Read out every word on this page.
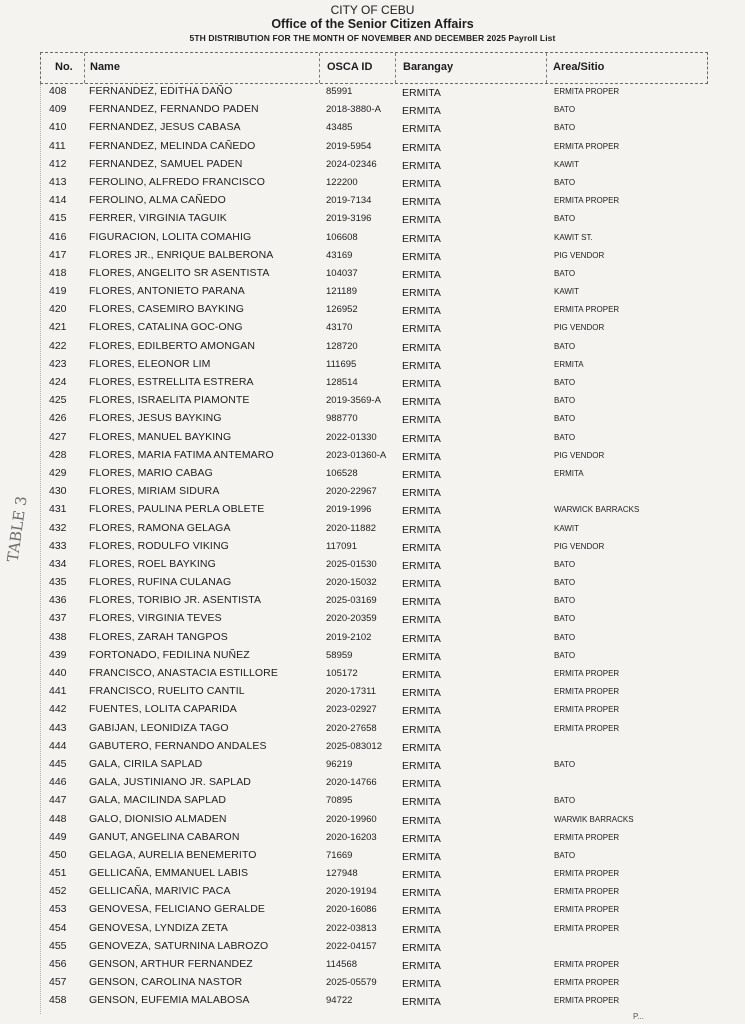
CITY OF CEBU
Office of the Senior Citizen Affairs
5TH DISTRIBUTION FOR THE MONTH OF NOVEMBER AND DECEMBER 2025 Payroll List
No. Name	OSCA ID	Barangay	Area/Sitio
408 FERNANDEZ, EDITHA DAÑO	85991	ERMITA	ERMITA PROPER
409 FERNANDEZ, FERNANDO PADEN	2018-3880-A ERMITA	BATO
410 FERNANDEZ, JESUS CABASA	43485	ERMITA	BATO
411 FERNANDEZ, MELINDA CAÑEDO	2019-5954	ERMITA	ERMITA PROPER
412 FERNANDEZ, SAMUEL PADEN	2024-02346 ERMITA	KAWIT
413 FEROLINO, ALFREDO FRANCISCO	122200	ERMITA	BATO
414 FEROLINO, ALMA CAÑEDO	2019-7134	ERMITA	ERMITA PROPER
415 FERRER, VIRGINIA TAGUIK	2019-3196	ERMITA	BATO
416 FIGURACION, LOLITA COMAHIG	106608	ERMITA	KAWIT ST.
417 FLORES JR., ENRIQUE BALBERONA	43169	ERMITA	PIG VENDOR
418 FLORES, ANGELITO SR ASENTISTA	104037	ERMITA	BATO
419 FLORES, ANTONIETO PARANA	121189	ERMITA	KAWIT
420 FLORES, CASEMIRO BAYKING	126952	ERMITA	ERMITA PROPER
421 FLORES, CATALINA GOC-ONG	43170	ERMITA	PIG VENDOR
422 FLORES, EDILBERTO AMONGAN	128720	ERMITA	BATO
423 FLORES, ELEONOR LIM	111695	ERMITA	ERMITA
424 FLORES, ESTRELLITA ESTRERA	128514	ERMITA	BATO
425 FLORES, ISRAELITA PIAMONTE	2019-3569-A ERMITA	BATO
426 FLORES, JESUS BAYKING	988770	ERMITA	BATO
427 FLORES, MANUEL BAYKING	2022-01330 ERMITA	BATO
428 FLORES, MARIA FATIMA ANTEMARO	2023-01360-A ERMITA	PIG VENDOR
429 FLORES, MARIO CABAG	106528	ERMITA	ERMITA
430 FLORES, MIRIAM SIDURA	2020-22967 ERMITA
431 FLORES, PAULINA PERLA OBLETE	2019-1996	ERMITA	WARWICK BARRACKS
432 FLORES, RAMONA GELAGA	2020-11882 ERMITA	KAWIT
433 FLORES, RODULFO VIKING	117091	ERMITA	PIG VENDOR
434 FLORES, ROEL BAYKING	2025-01530 ERMITA	BATO
435 FLORES, RUFINA CULANAG	2020-15032 ERMITA	BATO
436 FLORES, TORIBIO JR. ASENTISTA	2025-03169 ERMITA	BATO
437 FLORES, VIRGINIA TEVES	2020-20359 ERMITA	BATO
438 FLORES, ZARAH TANGPOS	2019-2102	ERMITA	BATO
439 FORTONADO, FEDILINA NUÑEZ	58959	ERMITA	BATO
440 FRANCISCO, ANASTACIA ESTILLORE	105172	ERMITA	ERMITA PROPER
441 FRANCISCO, RUELITO CANTIL	2020-17311 ERMITA	ERMITA PROPER
442 FUENTES, LOLITA CAPARIDA	2023-02927 ERMITA	ERMITA PROPER
443 GABIJAN, LEONIDIZA TAGO	2020-27658 ERMITA	ERMITA PROPER
444 GABUTERO, FERNANDO ANDALES	2025-083012 ERMITA
445 GALA, CIRILA SAPLAD	96219	ERMITA	BATO
446 GALA, JUSTINIANO JR. SAPLAD	2020-14766 ERMITA
447 GALA, MACILINDA SAPLAD	70895	ERMITA	BATO
448 GALO, DIONISIO ALMADEN	2020-19960 ERMITA	WARWIK BARRACKS
449 GANUT, ANGELINA CABARON	2020-16203 ERMITA	ERMITA PROPER
450 GELAGA, AURELIA BENEMERITO	71669	ERMITA	BATO
451 GELLICAÑA, EMMANUEL LABIS	127948	ERMITA	ERMITA PROPER
452 GELLICAÑA, MARIVIC PACA	2020-19194 ERMITA	ERMITA PROPER
453 GENOVESA, FELICIANO GERALDE	2020-16086 ERMITA	ERMITA PROPER
454 GENOVESA, LYNDIZA ZETA	2022-03813 ERMITA	ERMITA PROPER
455 GENOVEZA, SATURNINA LABROZO	2022-04157 ERMITA
456 GENSON, ARTHUR FERNANDEZ	114568	ERMITA	ERMITA PROPER
457 GENSON, CAROLINA NASTOR	2025-05579 ERMITA	ERMITA PROPER
458 GENSON, EUFEMIA MALABOSA	94722	ERMITA	ERMITA PROPER
TABLE 3
P...
